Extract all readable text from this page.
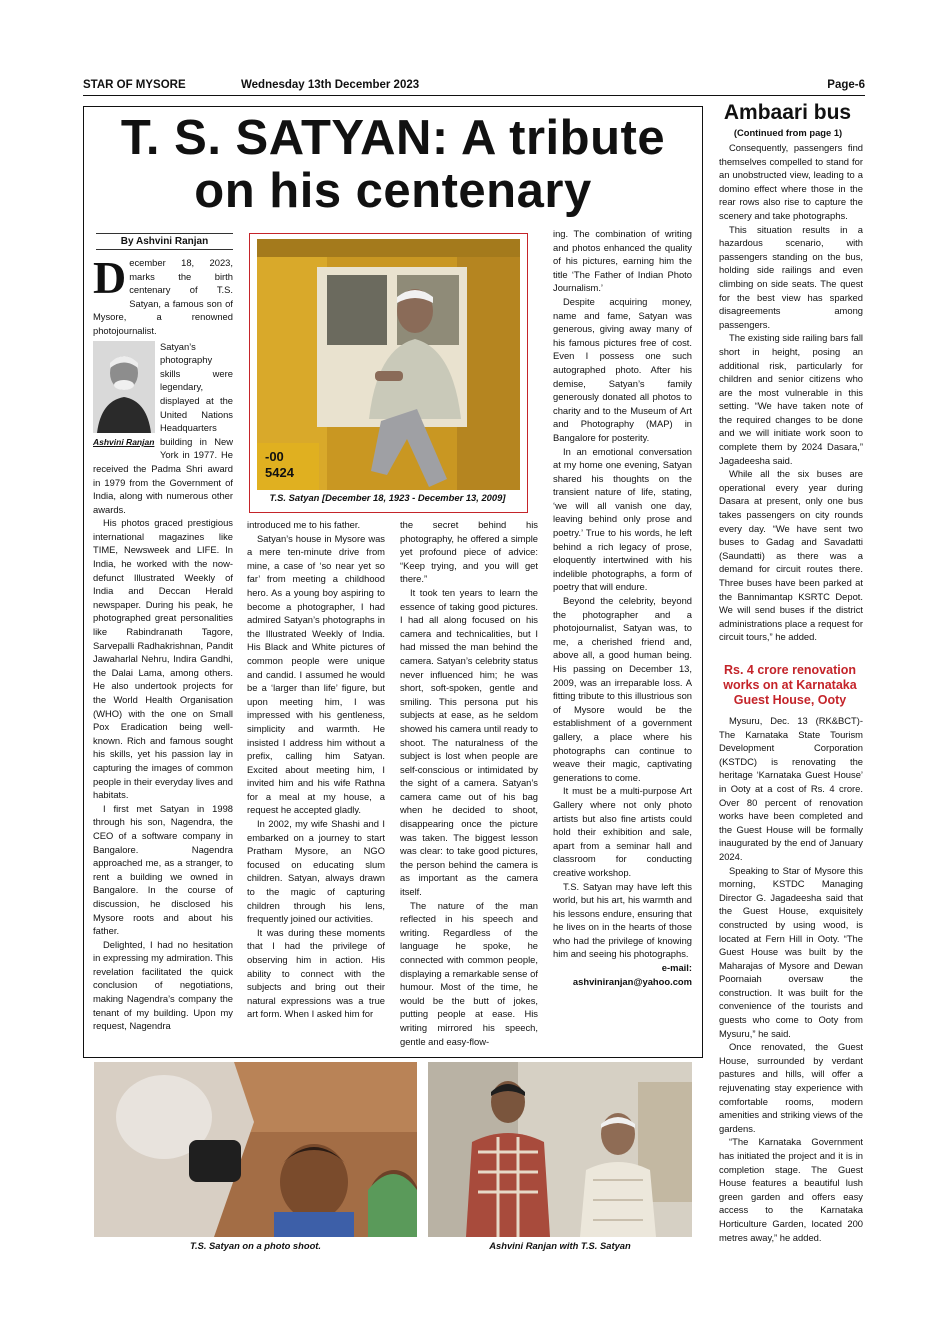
STAR OF MYSORE	Wednesday 13th December 2023	Page-6
T. S. SATYAN: A tribute
on his centenary
By Ashvini Ranjan
D ecember 18, 2023, marks the birth centenary of T.S. Satyan, a famous son of Mysore, a renowned photojournalist.
Ashvini Ranjan
Satyan’s photography skills were legendary, displayed at the United Nations Headquarters building in New York in 1977. He received the Padma Shri award in 1979 from the Government of India, along with numerous other awards.

His photos graced prestigious international magazines like TIME, Newsweek and LIFE. In India, he worked with the now-defunct Illustrated Weekly of India and Deccan Herald newspaper. During his peak, he photographed great personalities like Rabindranath Tagore, Sarvepalli Radhakrishnan, Pandit Jawaharlal Nehru, Indira Gandhi, the Dalai Lama, among others. He also undertook projects for the World Health Organisation (WHO) with the one on Small Pox Eradication being well-known. Rich and famous sought his skills, yet his passion lay in capturing the images of common people in their everyday lives and habitats.

I first met Satyan in 1998 through his son, Nagendra, the CEO of a software company in Bangalore. Nagendra approached me, as a stranger, to rent a building we owned in Bangalore. In the course of discussion, he disclosed his Mysore roots and about his father.

Delighted, I had no hesitation in expressing my admiration. This revelation facilitated the quick conclusion of negotiations, making Nagendra’s company the tenant of my building. Upon my request, Nagendra

-00
5424
T.S. Satyan [December 18, 1923 - December 13, 2009]

introduced me to his father.

Satyan’s house in Mysore was a mere ten-minute drive from mine, a case of ‘so near yet so far’ from meeting a childhood hero. As a young boy aspiring to become a photographer, I had admired Satyan’s photographs in the Illustrated Weekly of India. His Black and White pictures of common people were unique and candid. I assumed he would be a ‘larger than life’ figure, but upon meeting him, I was impressed with his gentleness, simplicity and warmth. He insisted I address him without a prefix, calling him Satyan. Excited about meeting him, I invited him and his wife Rathna for a meal at my house, a request he accepted gladly.

In 2002, my wife Shashi and I embarked on a journey to start Pratham Mysore, an NGO focused on educating slum children. Satyan, always drawn to the magic of capturing children through his lens, frequently joined our activities.

It was during these moments that I had the privilege of observing him in action. His ability to connect with the subjects and bring out their natural expressions was a true art form. When I asked him for

the secret behind his photography, he offered a simple yet profound piece of advice: “Keep trying, and you will get there.”

It took ten years to learn the essence of taking good pictures. I had all along focused on his camera and technicalities, but I had missed the man behind the camera. Satyan’s celebrity status never influenced him; he was short, soft-spoken, gentle and smiling. This persona put his subjects at ease, as he seldom showed his camera until ready to shoot. The naturalness of the subject is lost when people are self-conscious or intimidated by the sight of a camera. Satyan’s camera came out of his bag when he decided to shoot, disappearing once the picture was taken. The biggest lesson was clear: to take good pictures, the person behind the camera is as important as the camera itself.

The nature of the man reflected in his speech and writing. Regardless of the language he spoke, he connected with common people, displaying a remarkable sense of humour. Most of the time, he would be the butt of jokes, putting people at ease. His writing mirrored his speech, gentle and easy-flow-

ing. The combination of writing and photos enhanced the quality of his pictures, earning him the title ‘The Father of Indian Photo Journalism.’

Despite acquiring money, name and fame, Satyan was generous, giving away many of his famous pictures free of cost. Even I possess one such autographed photo. After his demise, Satyan’s family generously donated all photos to charity and to the Museum of Art and Photography (MAP) in Bangalore for posterity.

In an emotional conversation at my home one evening, Satyan shared his thoughts on the transient nature of life, stating, ‘we will all vanish one day, leaving behind only prose and poetry.’ True to his words, he left behind a rich legacy of prose, eloquently intertwined with his indelible photographs, a form of poetry that will endure.

Beyond the celebrity, beyond the photographer and a photojournalist, Satyan was, to me, a cherished friend and, above all, a good human being. His passing on December 13, 2009, was an irreparable loss. A fitting tribute to this illustrious son of Mysore would be the establishment of a government gallery, a place where his photographs can continue to weave their magic, captivating generations to come.

It must be a multi-purpose Art Gallery where not only photo artists but also fine artists could hold their exhibition and sale, apart from a seminar hall and classroom for conducting creative workshop.

T.S. Satyan may have left this world, but his art, his warmth and his lessons endure, ensuring that he lives on in the hearts of those who had the privilege of knowing him and seeing his photographs.

e-mail:
ashviniranjan@yahoo.com
T.S. Satyan on a photo shoot.	Ashvini Ranjan with T.S. Satyan
Ambaari bus
(Continued from page 1)

Consequently, passengers find themselves compelled to stand for an unobstructed view, leading to a domino effect where those in the rear rows also rise to capture the scenery and take photographs.

This situation results in a hazardous scenario, with passengers standing on the bus, holding side railings and even climbing on side seats. The quest for the best view has sparked disagreements among passengers.

The existing side railing bars fall short in height, posing an additional risk, particularly for children and senior citizens who are the most vulnerable in this setting. “We have taken note of the required changes to be done and we will initiate work soon to complete them by 2024 Dasara,” Jagadeesha said.

While all the six buses are operational every year during Dasara at present, only one bus takes passengers on city rounds every day. “We have sent two buses to Gadag and Savadatti (Saundatti) as there was a demand for circuit routes there. Three buses have been parked at the Bannimantap KSRTC Depot. We will send buses if the district administrations place a request for circuit tours,” he added.

Rs. 4 crore renovation works on at Karnataka Guest House, Ooty

Mysuru, Dec. 13 (RK&BCT)- The Karnataka State Tourism Development Corporation (KSTDC) is renovating the heritage ‘Karnataka Guest House’ in Ooty at a cost of Rs. 4 crore. Over 80 percent of renovation works have been completed and the Guest House will be formally inaugurated by the end of January 2024.

Speaking to Star of Mysore this morning, KSTDC Managing Director G. Jagadeesha said that the Guest House, exquisitely constructed by using wood, is located at Fern Hill in Ooty. “The Guest House was built by the Maharajas of Mysore and Dewan Poornaiah oversaw the construction. It was built for the convenience of the tourists and guests who come to Ooty from Mysuru,” he said.

Once renovated, the Guest House, surrounded by verdant pastures and hills, will offer a rejuvenating stay experience with comfortable rooms, modern amenities and striking views of the gardens.

“The Karnataka Government has initiated the project and it is in completion stage. The Guest House features a beautiful lush green garden and offers easy access to the Karnataka Horticulture Garden, located 200 metres away,” he added.
